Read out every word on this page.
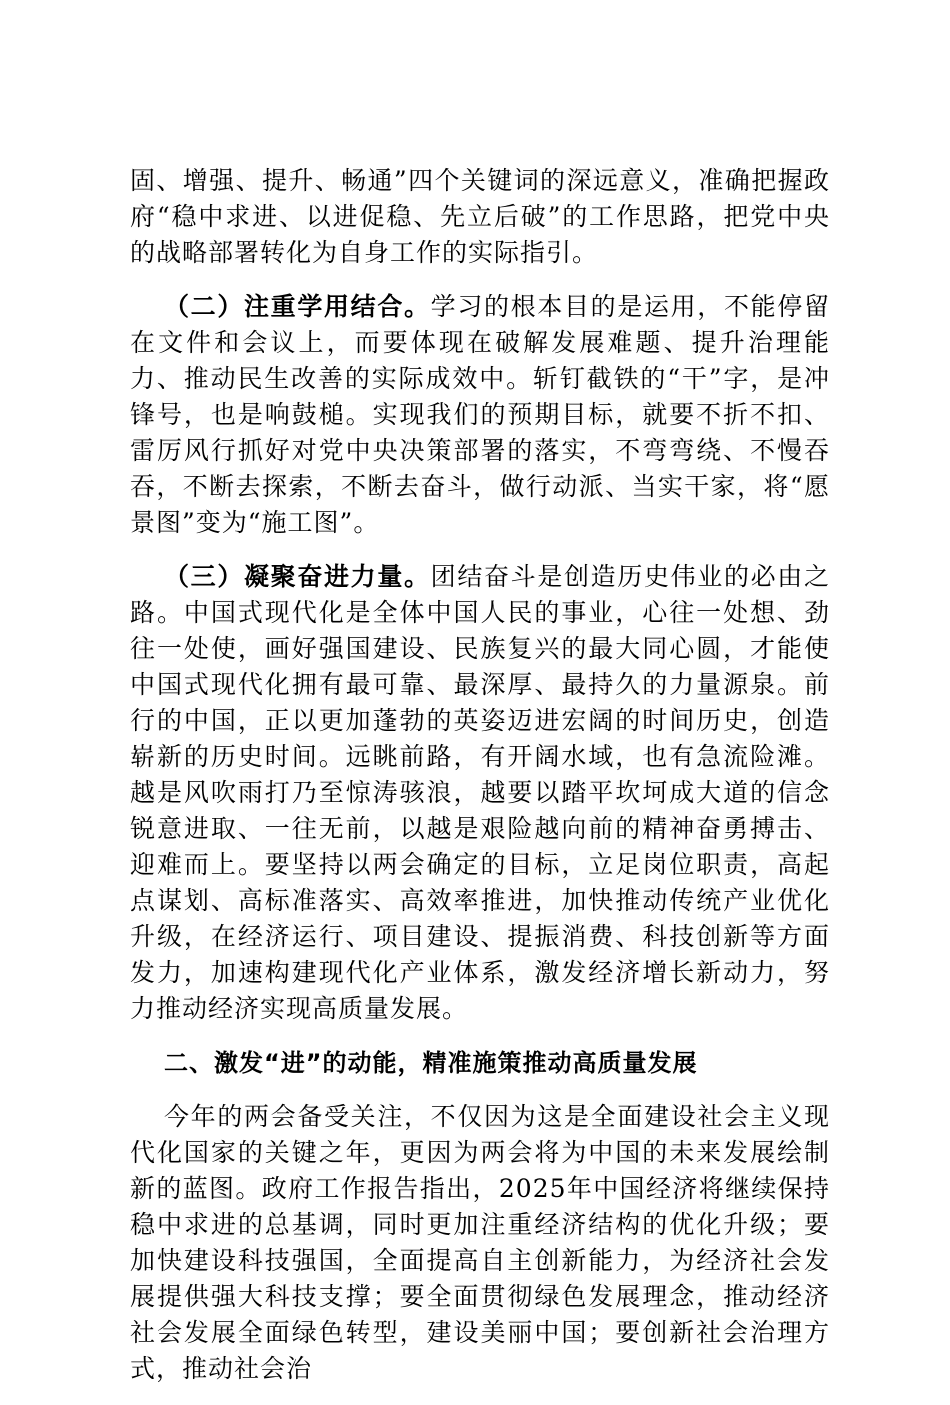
固、增强、提升、畅通”四个关键词的深远意义，准确把握政府“稳中求进、以进促稳、先立后破”的工作思路，把党中央的战略部署转化为自身工作的实际指引。

（二）注重学用结合。学习的根本目的是运用，不能停留在文件和会议上，而要体现在破解发展难题、提升治理能力、推动民生改善的实际成效中。斩钉截铁的“干”字，是冲锋号，也是响鼓槌。实现我们的预期目标，就要不折不扣、雷厉风行抓好对党中央决策部署的落实，不弯弯绕、不慢吞吞，不断去探索，不断去奋斗，做行动派、当实干家，将“愿景图”变为“施工图”。

（三）凝聚奋进力量。团结奋斗是创造历史伟业的必由之路。中国式现代化是全体中国人民的事业，心往一处想、劲往一处使，画好强国建设、民族复兴的最大同心圆，才能使中国式现代化拥有最可靠、最深厚、最持久的力量源泉。前行的中国，正以更加蓬勃的英姿迈进宏阔的时间历史，创造崭新的历史时间。远眺前路，有开阔水域，也有急流险滩。越是风吹雨打乃至惊涛骇浪，越要以踏平坎坷成大道的信念锐意进取、一往无前，以越是艰险越向前的精神奋勇搏击、迎难而上。要坚持以两会确定的目标，立足岗位职责，高起点谋划、高标准落实、高效率推进，加快推动传统产业优化升级，在经济运行、项目建设、提振消费、科技创新等方面发力，加速构建现代化产业体系，激发经济增长新动力，努力推动经济实现高质量发展。

二、激发“进”的动能，精准施策推动高质量发展

今年的两会备受关注，不仅因为这是全面建设社会主义现代化国家的关键之年，更因为两会将为中国的未来发展绘制新的蓝图。政府工作报告指出，2025年中国经济将继续保持稳中求进的总基调，同时更加注重经济结构的优化升级；要加快建设科技强国，全面提高自主创新能力，为经济社会发展提供强大科技支撑；要全面贯彻绿色发展理念，推动经济社会发展全面绿色转型，建设美丽中国；要创新社会治理方式，推动社会治
